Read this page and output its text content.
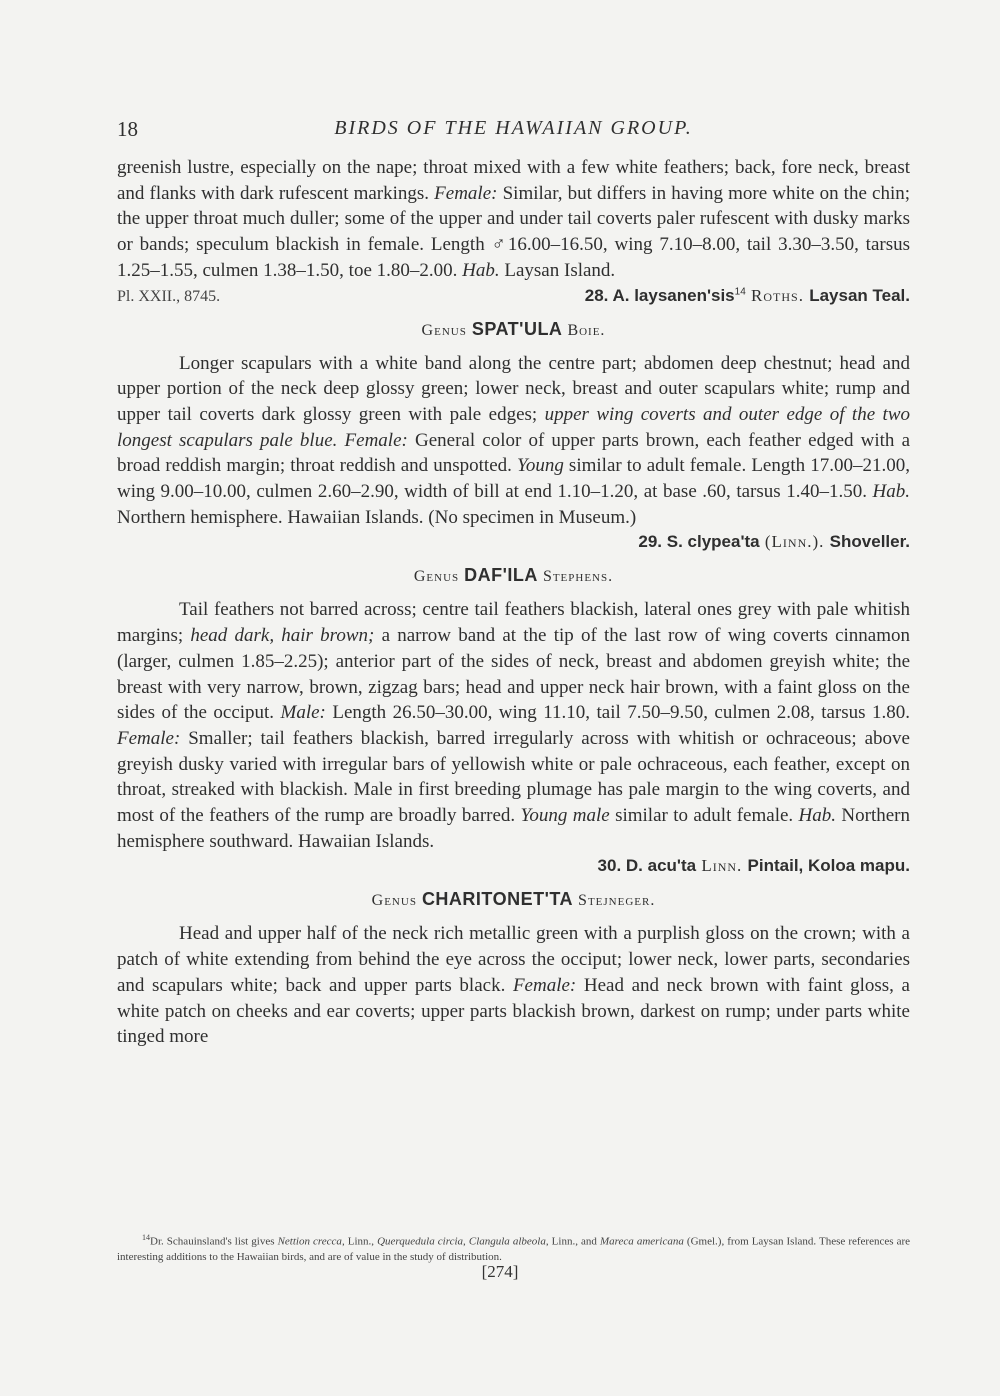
18	BIRDS OF THE HAWAIIAN GROUP.

greenish lustre, especially on the nape; throat mixed with a few white feathers; back, fore neck, breast and flanks with dark rufescent markings. Female: Similar, but differs in having more white on the chin; the upper throat much duller; some of the upper and under tail coverts paler rufescent with dusky marks or bands; speculum blackish in female. Length ♂16.00–16.50, wing 7.10–8.00, tail 3.30–3.50, tarsus 1.25–1.55, culmen 1.38–1.50, toe 1.80–2.00. Hab. Laysan Island.

Pl. XXII., 8745.	28. A. laysanen'sis$^{14}$ Roths. Laysan Teal.
Genus SPAT'ULA Boie.

Longer scapulars with a white band along the centre part; abdomen deep chestnut; head and upper portion of the neck deep glossy green; lower neck, breast and outer scapulars white; rump and upper tail coverts dark glossy green with pale edges; upper wing coverts and outer edge of the two longest scapulars pale blue. Female: General color of upper parts brown, each feather edged with a broad reddish margin; throat reddish and unspotted. Young similar to adult female. Length 17.00–21.00, wing 9.00–10.00, culmen 2.60–2.90, width of bill at end 1.10–1.20, at base .60, tarsus 1.40–1.50. Hab. Northern hemisphere. Hawaiian Islands. (No specimen in Museum.)

29. S. clypea'ta (Linn.). Shoveller.
Genus DAF'ILA Stephens.

Tail feathers not barred across; centre tail feathers blackish, lateral ones grey with pale whitish margins; head dark, hair brown; a narrow band at the tip of the last row of wing coverts cinnamon (larger, culmen 1.85–2.25); anterior part of the sides of neck, breast and abdomen greyish white; the breast with very narrow, brown, zigzag bars; head and upper neck hair brown, with a faint gloss on the sides of the occiput. Male: Length 26.50–30.00, wing 11.10, tail 7.50–9.50, culmen 2.08, tarsus 1.80. Female: Smaller; tail feathers blackish, barred irregularly across with whitish or ochraceous; above greyish dusky varied with irregular bars of yellowish white or pale ochraceous, each feather, except on throat, streaked with blackish. Male in first breeding plumage has pale margin to the wing coverts, and most of the feathers of the rump are broadly barred. Young male similar to adult female. Hab. Northern hemisphere southward. Hawaiian Islands.

30. D. acu'ta Linn. Pintail, Koloa mapu.
Genus CHARITONET'TA Stejneger.

Head and upper half of the neck rich metallic green with a purplish gloss on the crown; with a patch of white extending from behind the eye across the occiput; lower neck, lower parts, secondaries and scapulars white; back and upper parts black. Female: Head and neck brown with faint gloss, a white patch on cheeks and ear coverts; upper parts blackish brown, darkest on rump; under parts white tinged more

$^{14}$Dr. Schauinsland's list gives Nettion crecca, Linn., Querquedula circia, Clangula albeola, Linn., and Mareca americana (Gmel.), from Laysan Island. These references are interesting additions to the Hawaiian birds, and are of value in the study of distribution.

[274]
